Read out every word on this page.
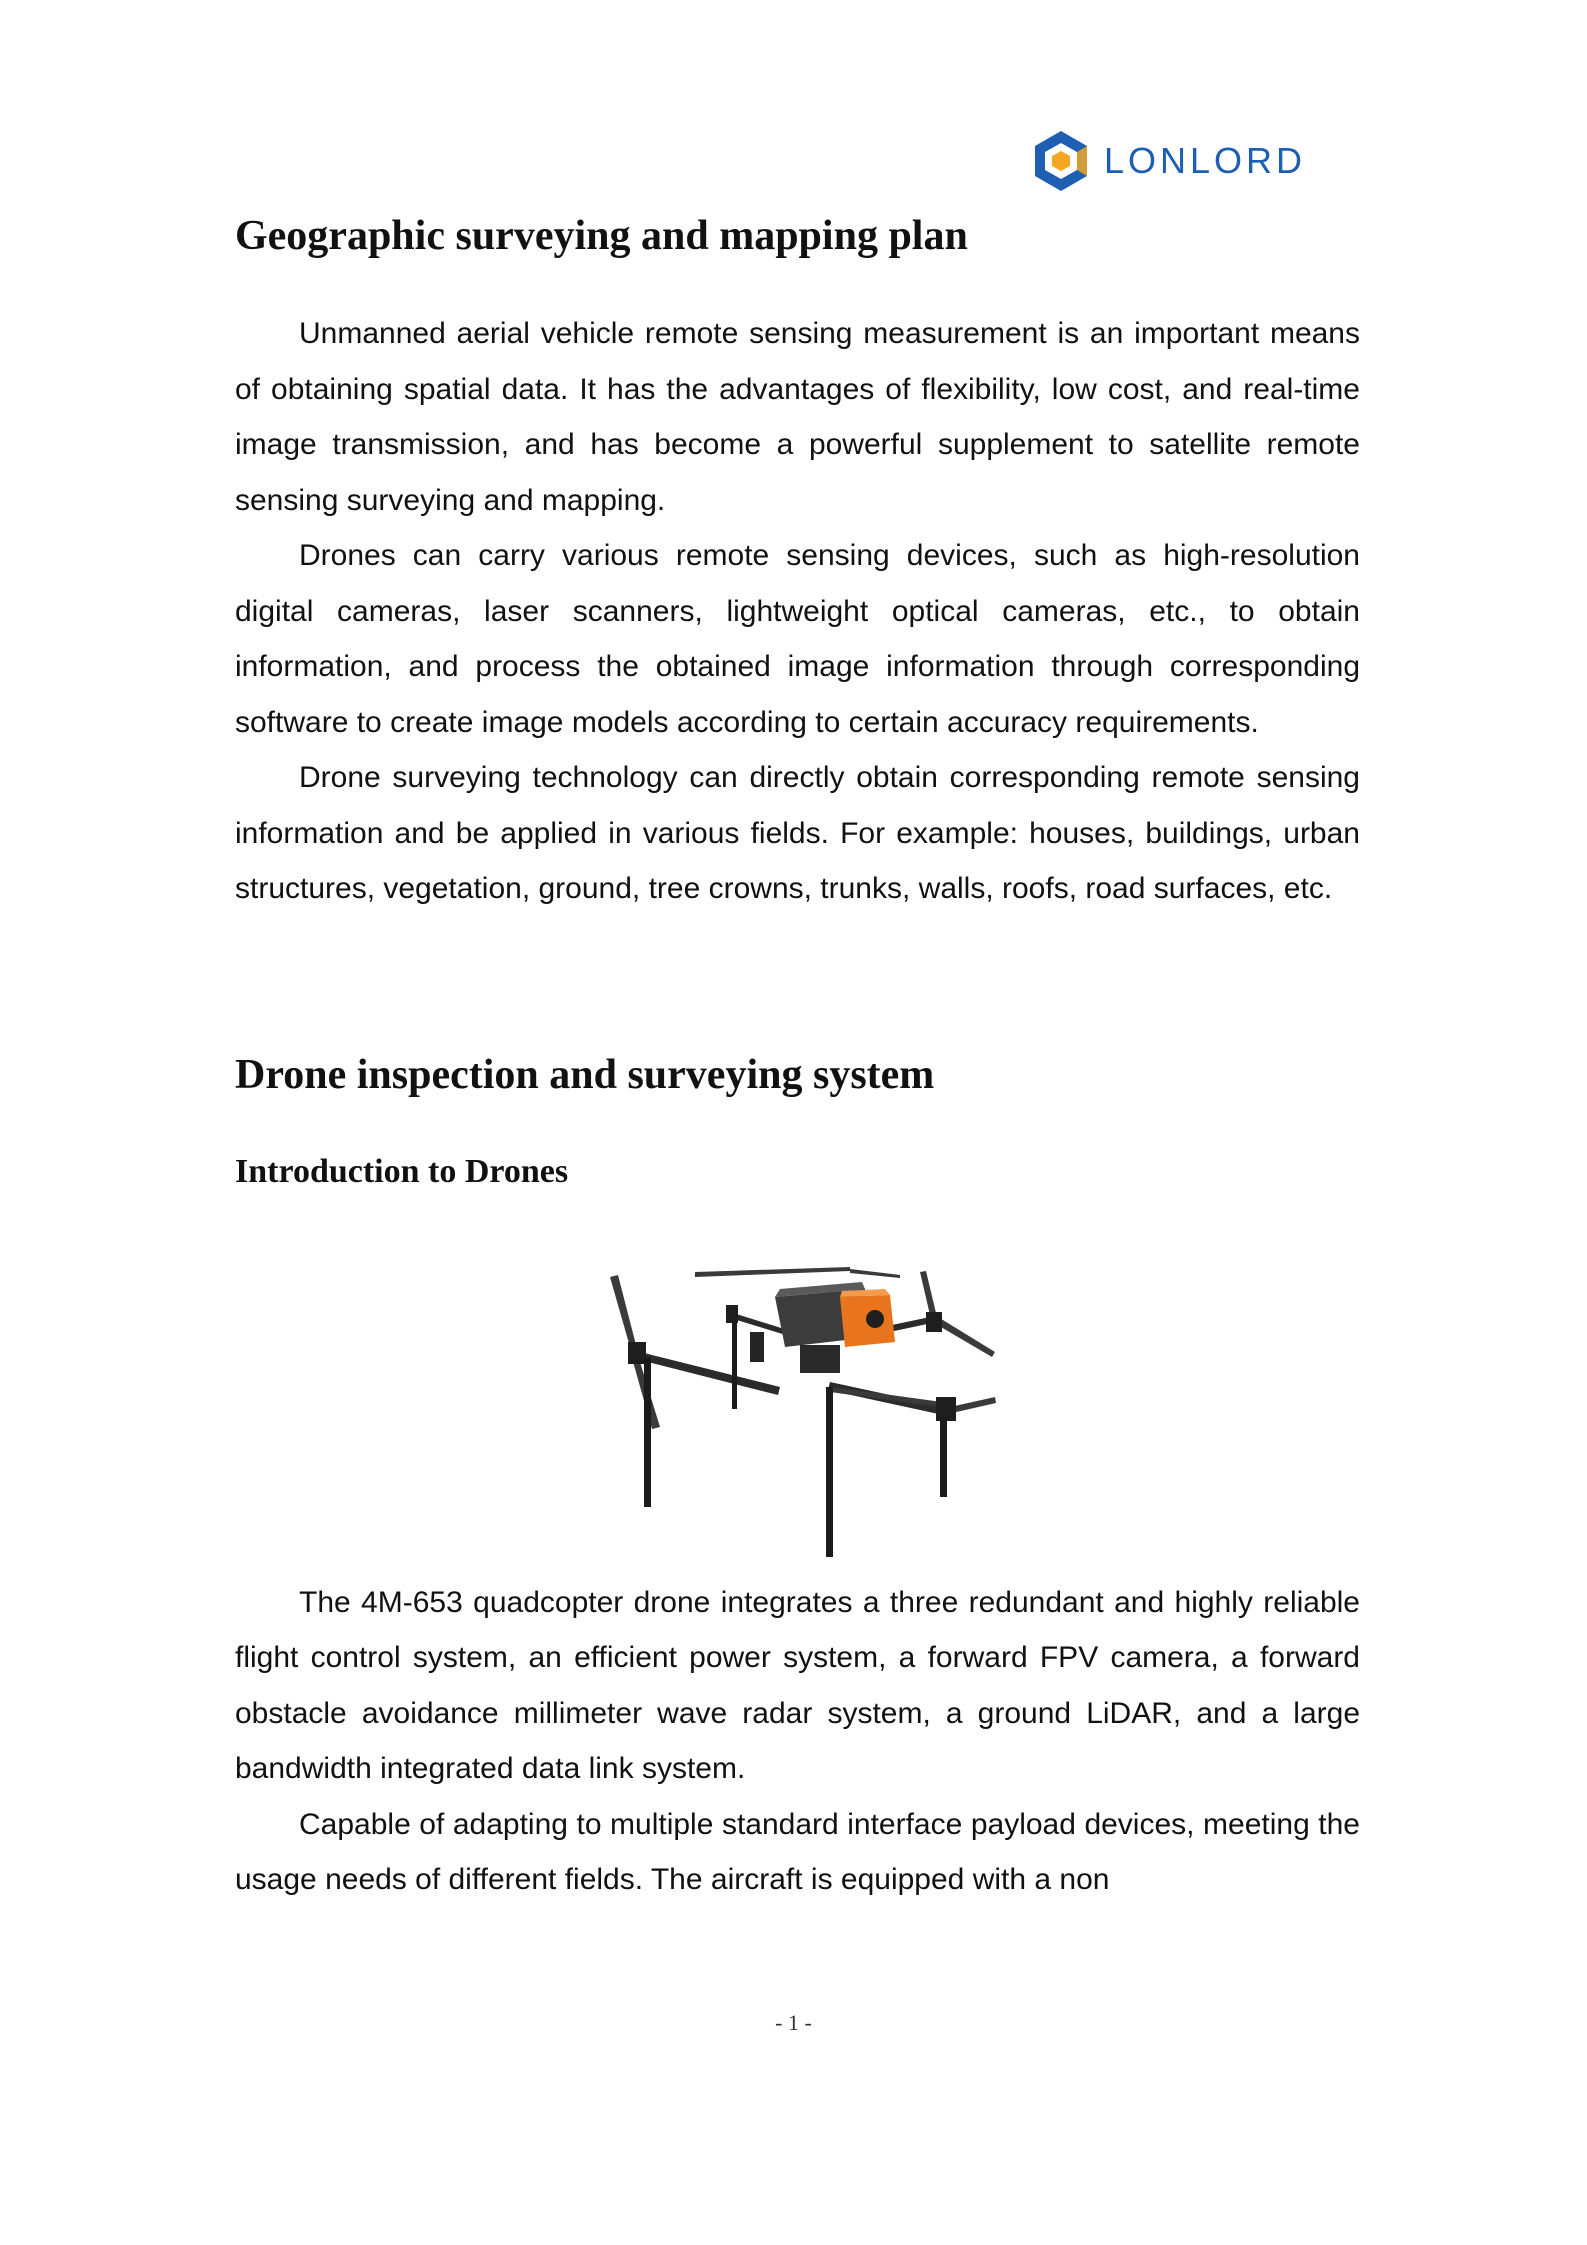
LONLORD
Geographic surveying and mapping plan

Unmanned aerial vehicle remote sensing measurement is an important means of obtaining spatial data. It has the advantages of flexibility, low cost, and real-time image transmission, and has become a powerful supplement to satellite remote sensing surveying and mapping.

Drones can carry various remote sensing devices, such as high-resolution digital cameras, laser scanners, lightweight optical cameras, etc., to obtain information, and process the obtained image information through corresponding software to create image models according to certain accuracy requirements.

Drone surveying technology can directly obtain corresponding remote sensing information and be applied in various fields. For example: houses, buildings, urban structures, vegetation, ground, tree crowns, trunks, walls, roofs, road surfaces, etc.

Drone inspection and surveying system
Introduction to Drones

The 4M-653 quadcopter drone integrates a three redundant and highly reliable flight control system, an efficient power system, a forward FPV camera, a forward obstacle avoidance millimeter wave radar system, a ground LiDAR, and a large bandwidth integrated data link system.

Capable of adapting to multiple standard interface payload devices, meeting the usage needs of different fields. The aircraft is equipped with a non

- 1 -
